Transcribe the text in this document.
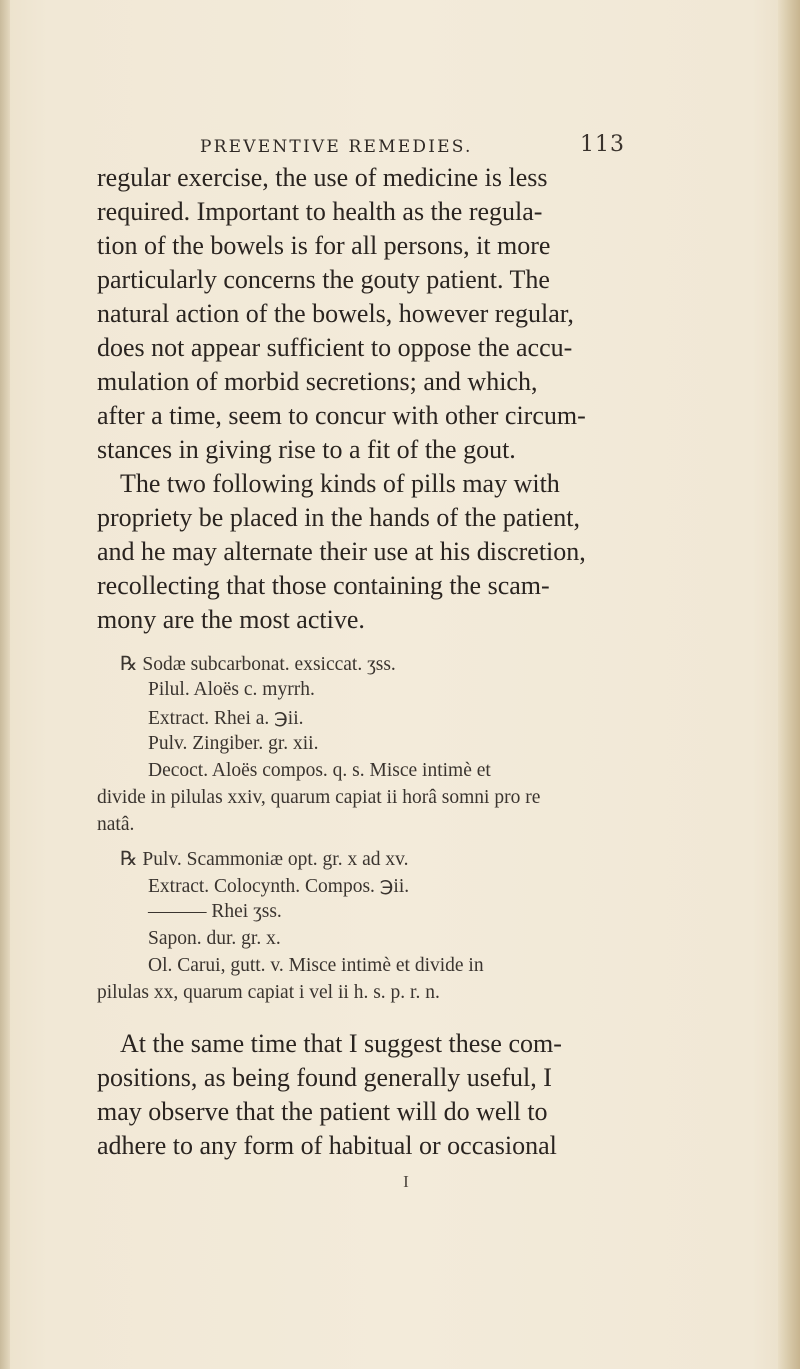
PREVENTIVE REMEDIES.	113
regular exercise, the use of medicine is less
required. Important to health as the regula-
tion of the bowels is for all persons, it more
particularly concerns the gouty patient. The
natural action of the bowels, however regular,
does not appear sufficient to oppose the accu-
mulation of morbid secretions; and which,
after a time, seem to concur with other circum-
stances in giving rise to a fit of the gout.
The two following kinds of pills may with
propriety be placed in the hands of the patient,
and he may alternate their use at his discretion,
recollecting that those containing the scam-
mony are the most active.
℞ Sodæ subcarbonat. exsiccat. ʒss.
Pilul. Aloës c. myrrh.
Extract. Rhei a. ℈ii.
Pulv. Zingiber. gr. xii.
Decoct. Aloës compos. q. s. Misce intimè et
divide in pilulas xxiv, quarum capiat ii horâ somni pro re
natâ.
℞ Pulv. Scammoniæ opt. gr. x ad xv.
Extract. Colocynth. Compos. ℈ii.
——— Rhei ʒss.
Sapon. dur. gr. x.
Ol. Carui, gutt. v. Misce intimè et divide in
pilulas xx, quarum capiat i vel ii h. s. p. r. n.
At the same time that I suggest these com-
positions, as being found generally useful, I
may observe that the patient will do well to
adhere to any form of habitual or occasional
I
